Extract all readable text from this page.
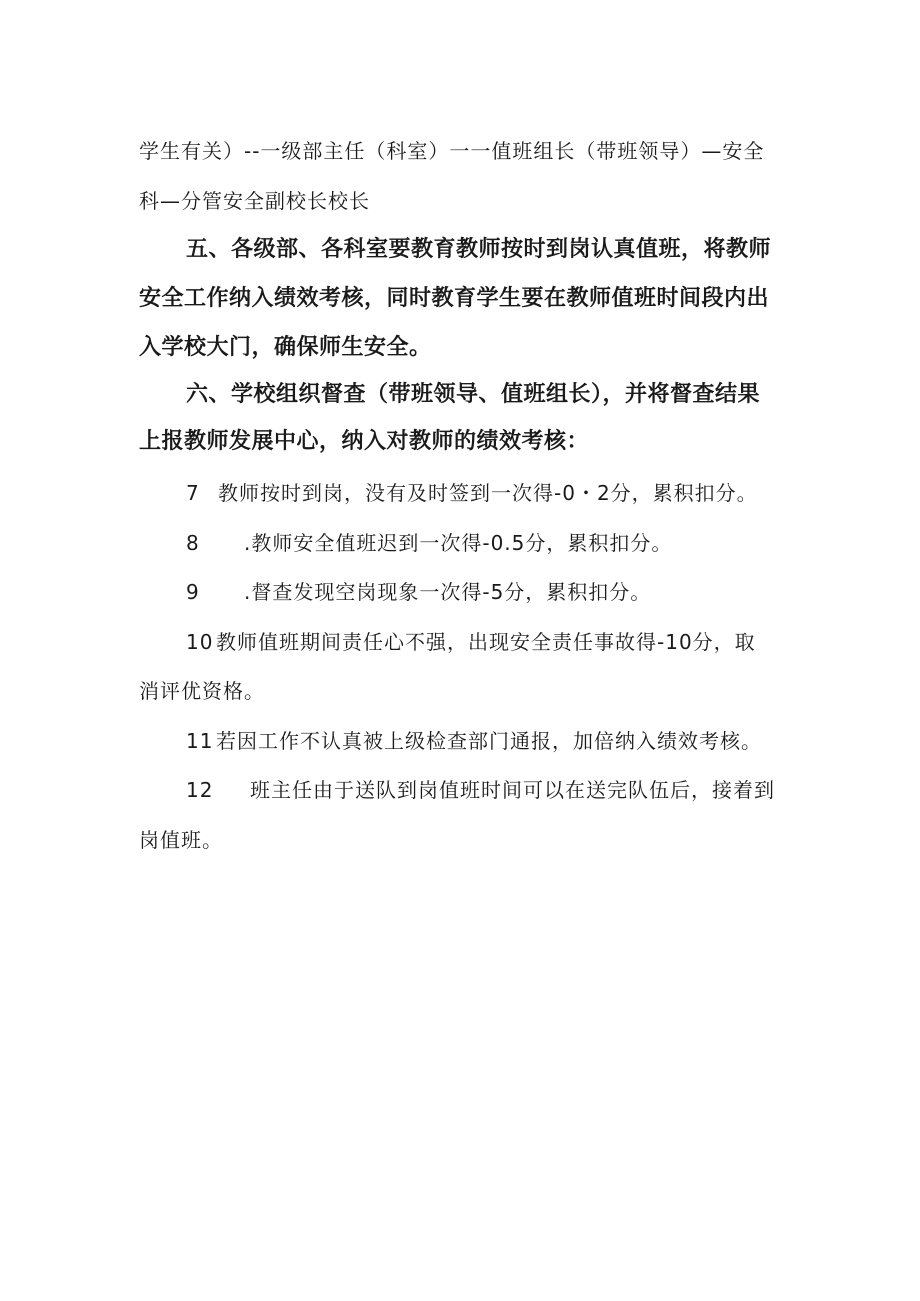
学生有关）--一级部主任（科室）一一值班组长（带班领导）—安全
科—分管安全副校长校长
五、各级部、各科室要教育教师按时到岗认真值班，将教师
安全工作纳入绩效考核，同时教育学生要在教师值班时间段内出
入学校大门，确保师生安全。
六、学校组织督查（带班领导、值班组长），并将督查结果
上报教师发展中心，纳入对教师的绩效考核：
7 教师按时到岗，没有及时签到一次得-0・2分，累积扣分。
8 .教师安全值班迟到一次得-0.5分，累积扣分。
9 .督查发现空岗现象一次得-5分，累积扣分。
10 教师值班期间责任心不强，出现安全责任事故得-10分，取
消评优资格。
11 若因工作不认真被上级检查部门通报，加倍纳入绩效考核。
12 班主任由于送队到岗值班时间可以在送完队伍后，接着到
岗值班。
